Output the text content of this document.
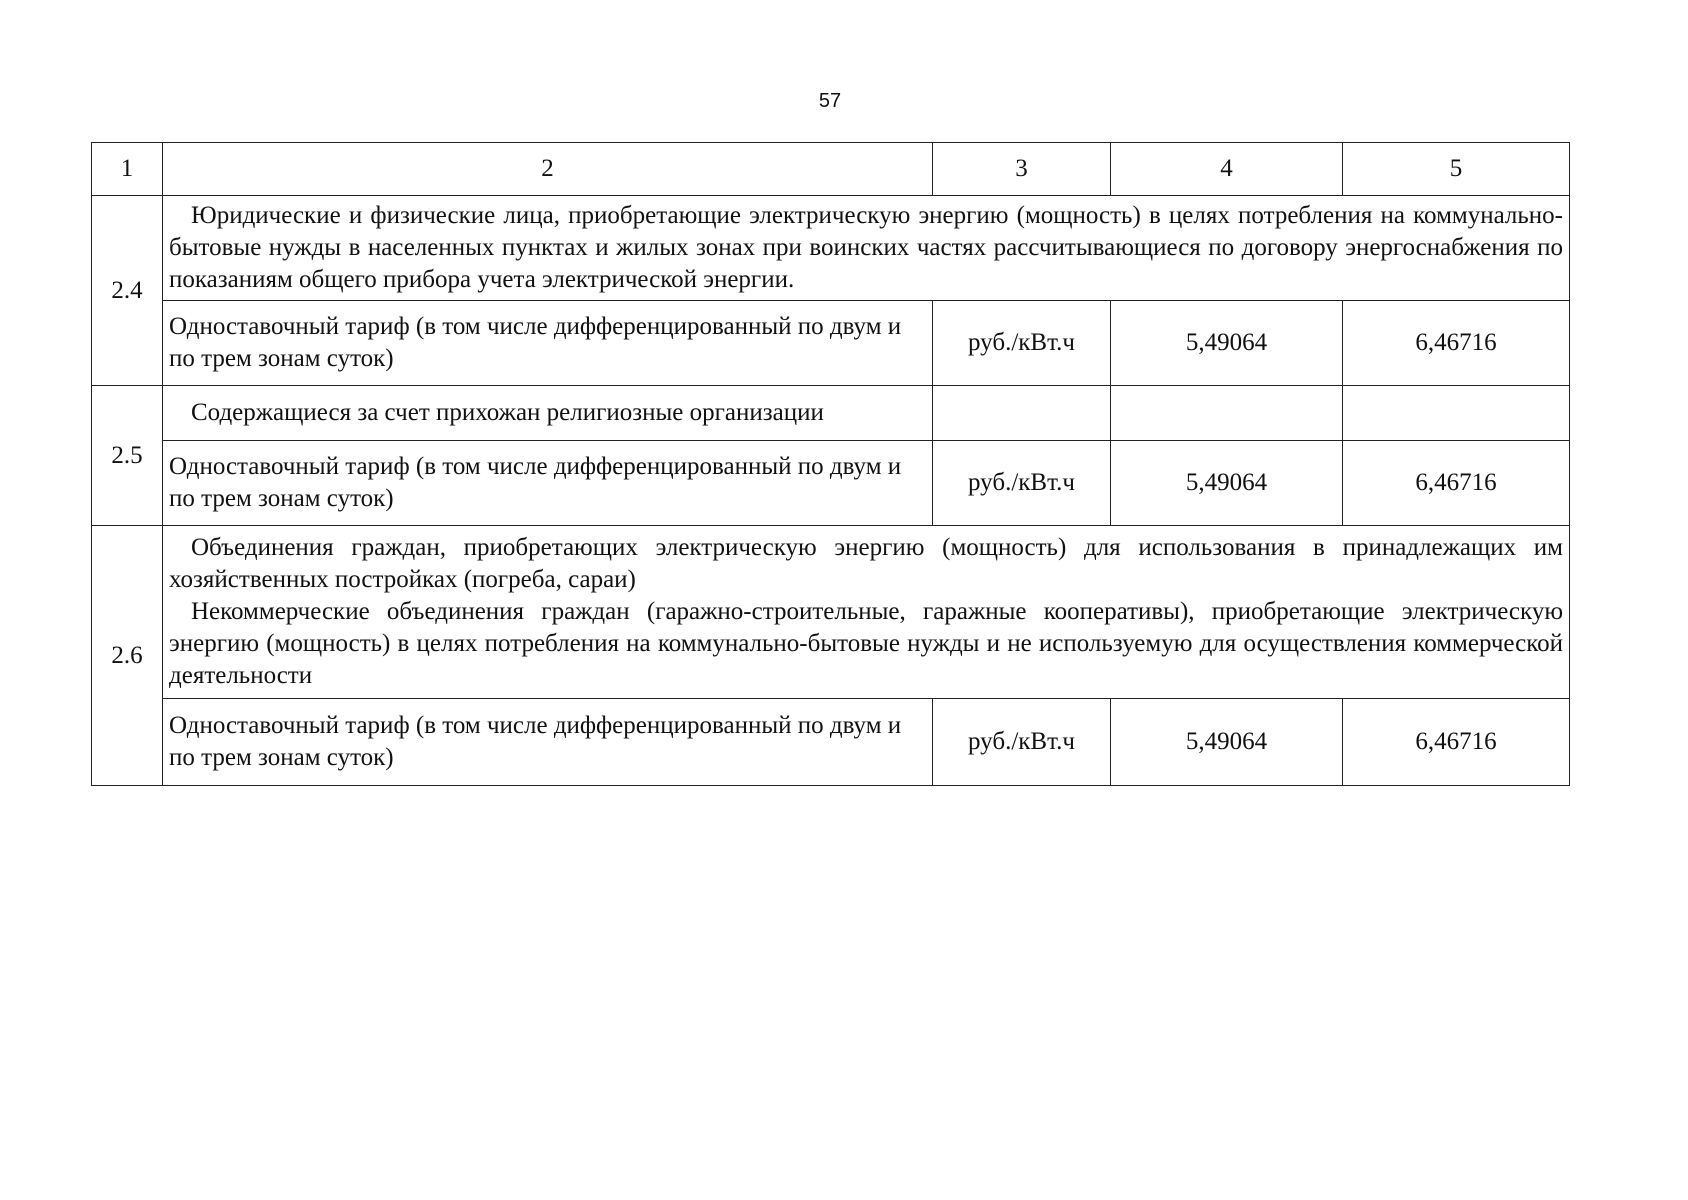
57
1	2	3	4	5
2.4	Юридические и физические лица, приобретающие электрическую энергию (мощность) в целях потребления на коммунально-бытовые нужды в населенных пунктах и жилых зонах при воинских частях рассчитывающиеся по договору энергоснабжения по показаниям общего прибора учета электрической энергии.			

	Одноставочный тариф (в том числе дифференцированный по двум и по трем зонам суток)	руб./кВт.ч	5,49064	6,46716
2.5	Содержащиеся за счет прихожан религиозные организации			
	Одноставочный тариф (в том числе дифференцированный по двум и по трем зонам суток)	руб./кВт.ч	5,49064	6,46716
2.6	Объединения граждан, приобретающих электрическую энергию (мощность) для использования в принадлежащих им хозяйственных постройках (погреба, сараи)

Некоммерческие объединения граждан (гаражно-строительные, гаражные кооперативы), приобретающие электрическую энергию (мощность) в целях потребления на коммунально-бытовые нужды и не используемую для осуществления коммерческой деятельности			

	Одноставочный тариф (в том числе дифференцированный по двум и по трем зонам суток)	руб./кВт.ч	5,49064	6,46716
